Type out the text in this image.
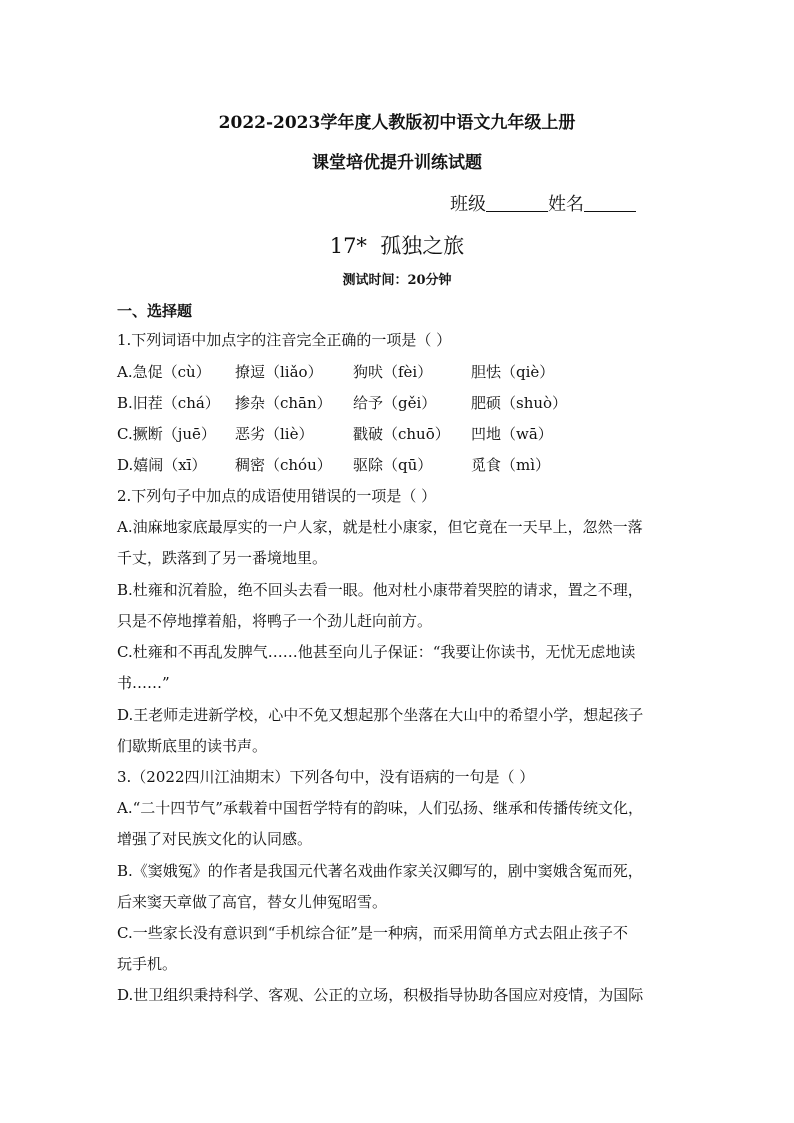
2022-2023学年度人教版初中语文九年级上册
课堂培优提升训练试题
班级	姓名
17*  孤独之旅
测试时间：20分钟
一、选择题
1.下列词语中加点字的注音完全正确的一项是（ ）
A.急促（cù） 撩逗（liǎo） 狗吠（fèi）	胆怯（qiè）
B.旧茬（chá） 掺杂（chān） 给予（gěi） 肥硕（shuò）
C.撅断（juē） 恶劣（liè）	戳破（chuō） 凹地（wā）
D.嬉闹（xī） 稠密（chóu） 驱除（qū）	觅食（mì）
2.下列句子中加点的成语使用错误的一项是（ ）
A.油麻地家底最厚实的一户人家，就是杜小康家，但它竟在一天早上，忽然一落
千丈，跌落到了另一番境地里。
B.杜雍和沉着脸，绝不回头去看一眼。他对杜小康带着哭腔的请求，置之不理，
只是不停地撑着船，将鸭子一个劲儿赶向前方。
C.杜雍和不再乱发脾气……他甚至向儿子保证：“我要让你读书，无忧无虑地读
书……”
D.王老师走进新学校，心中不免又想起那个坐落在大山中的希望小学，想起孩子
们歇斯底里的读书声。
3.（2022四川江油期末）下列各句中，没有语病的一句是（ ）
A.“二十四节气”承载着中国哲学特有的韵味，人们弘扬、继承和传播传统文化，
增强了对民族文化的认同感。
B.《窦娥冤》的作者是我国元代著名戏曲作家关汉卿写的，剧中窦娥含冤而死，
后来窦天章做了高官，替女儿伸冤昭雪。
C.一些家长没有意识到“手机综合征”是一种病，而采用简单方式去阻止孩子不
玩手机。
D.世卫组织秉持科学、客观、公正的立场，积极指导协助各国应对疫情，为国际
